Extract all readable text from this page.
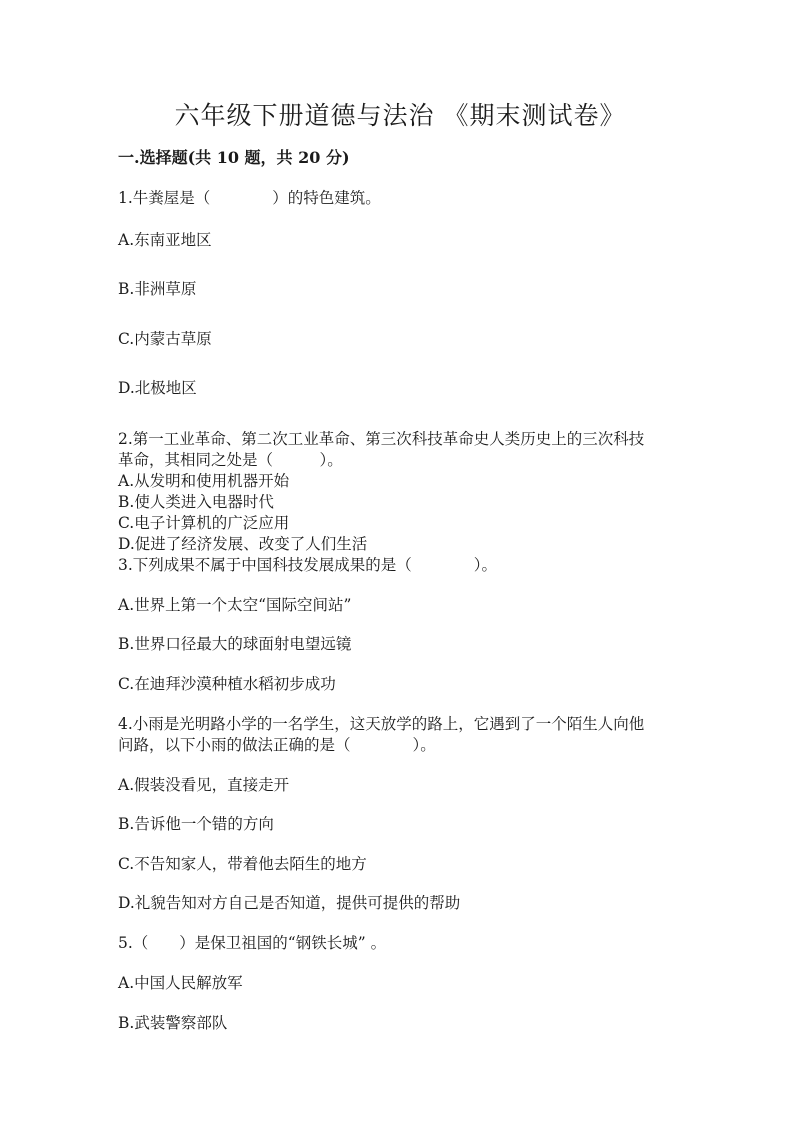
六年级下册道德与法治 《期末测试卷》
一.选择题(共 10 题，共 20 分)
1.牛粪屋是（　　　　）的特色建筑。
A.东南亚地区
B.非洲草原
C.内蒙古草原
D.北极地区
2.第一工业革命、第二次工业革命、第三次科技革命史人类历史上的三次科技
革命，其相同之处是（　　　）。
A.从发明和使用机器开始
B.使人类进入电器时代
C.电子计算机的广泛应用
D.促进了经济发展、改变了人们生活
3.下列成果不属于中国科技发展成果的是（　　　　）。
A.世界上第一个太空“国际空间站”
B.世界口径最大的球面射电望远镜
C.在迪拜沙漠种植水稻初步成功
4.小雨是光明路小学的一名学生，这天放学的路上，它遇到了一个陌生人向他
问路，以下小雨的做法正确的是（　　　　）。
A.假装没看见，直接走开
B.告诉他一个错的方向
C.不告知家人，带着他去陌生的地方
D.礼貌告知对方自己是否知道，提供可提供的帮助
5.（　　）是保卫祖国的“钢铁长城” 。
A.中国人民解放军
B.武装警察部队
